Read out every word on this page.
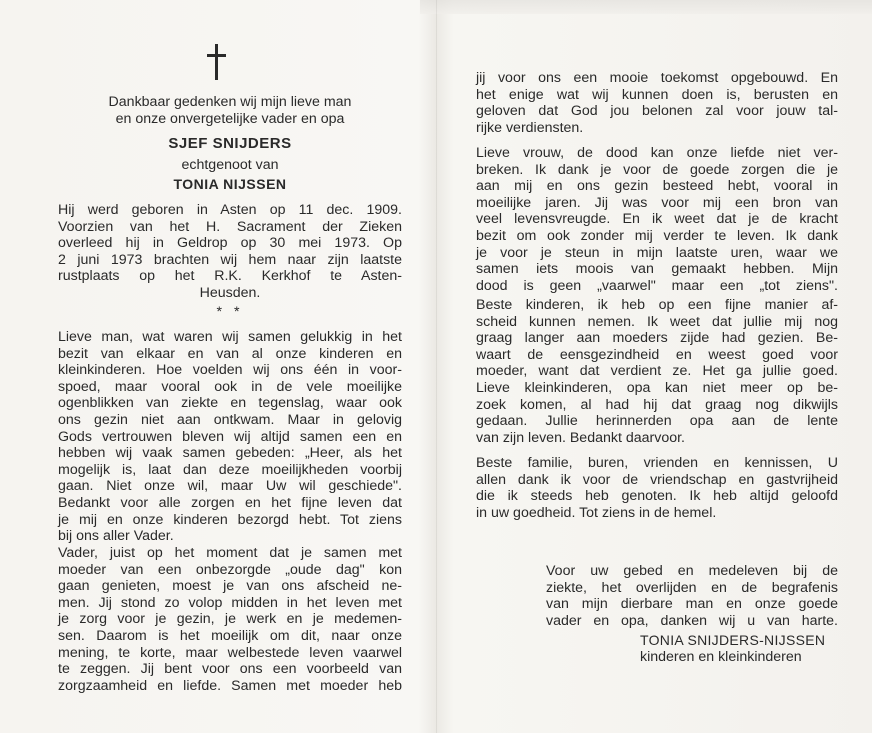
Dankbaar gedenken wij mijn lieve man
en onze onvergetelijke vader en opa
SJEF SNIJDERS
echtgenoot van
TONIA NIJSSEN
Hij werd geboren in Asten op 11 dec. 1909.
Voorzien van het H. Sacrament der Zieken
overleed hij in Geldrop op 30 mei 1973. Op
2 juni 1973 brachten wij hem naar zijn laatste
rustplaats op het R.K. Kerkhof te Asten-
Heusden.
* *
Lieve man, wat waren wij samen gelukkig in het
bezit van elkaar en van al onze kinderen en
kleinkinderen. Hoe voelden wij ons één in voor-
spoed, maar vooral ook in de vele moeilijke
ogenblikken van ziekte en tegenslag, waar ook
ons gezin niet aan ontkwam. Maar in gelovig
Gods vertrouwen bleven wij altijd samen een en
hebben wij vaak samen gebeden: „Heer, als het
mogelijk is, laat dan deze moeilijkheden voorbij
gaan. Niet onze wil, maar Uw wil geschiede".
Bedankt voor alle zorgen en het fijne leven dat
je mij en onze kinderen bezorgd hebt. Tot ziens
bij ons aller Vader.
Vader, juist op het moment dat je samen met
moeder van een onbezorgde „oude dag" kon
gaan genieten, moest je van ons afscheid ne-
men. Jij stond zo volop midden in het leven met
je zorg voor je gezin, je werk en je medemen-
sen. Daarom is het moeilijk om dit, naar onze
mening, te korte, maar welbestede leven vaarwel
te zeggen. Jij bent voor ons een voorbeeld van
zorgzaamheid en liefde. Samen met moeder heb
jij voor ons een mooie toekomst opgebouwd. En
het enige wat wij kunnen doen is, berusten en
geloven dat God jou belonen zal voor jouw tal-
rijke verdiensten.
Lieve vrouw, de dood kan onze liefde niet ver-
breken. Ik dank je voor de goede zorgen die je
aan mij en ons gezin besteed hebt, vooral in
moeilijke jaren. Jij was voor mij een bron van
veel levensvreugde. En ik weet dat je de kracht
bezit om ook zonder mij verder te leven. Ik dank
je voor je steun in mijn laatste uren, waar we
samen iets moois van gemaakt hebben. Mijn
dood is geen „vaarwel" maar een „tot ziens".
Beste kinderen, ik heb op een fijne manier af-
scheid kunnen nemen. Ik weet dat jullie mij nog
graag langer aan moeders zijde had gezien. Be-
waart de eensgezindheid en weest goed voor
moeder, want dat verdient ze. Het ga jullie goed.
Lieve kleinkinderen, opa kan niet meer op be-
zoek komen, al had hij dat graag nog dikwijls
gedaan. Jullie herinnerden opa aan de lente
van zijn leven. Bedankt daarvoor.
Beste familie, buren, vrienden en kennissen, U
allen dank ik voor de vriendschap en gastvrijheid
die ik steeds heb genoten. Ik heb altijd geloofd
in uw goedheid. Tot ziens in de hemel.
Voor uw gebed en medeleven bij de
ziekte, het overlijden en de begrafenis
van mijn dierbare man en onze goede
vader en opa, danken wij u van harte.
TONIA SNIJDERS-NIJSSEN
kinderen en kleinkinderen
